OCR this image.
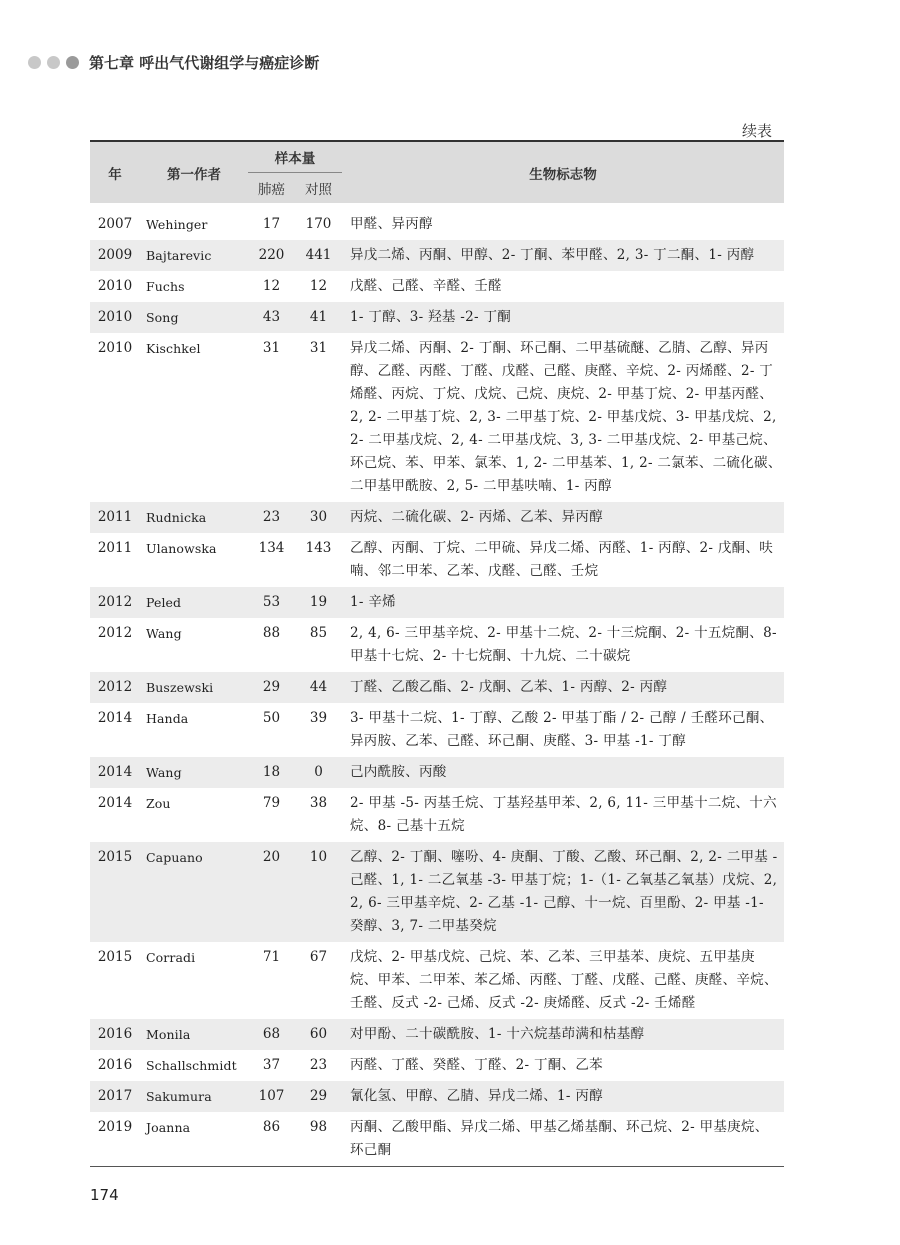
第七章 呼出气代谢组学与癌症诊断
续表
年	第一作者	样本量		生物标志物
		肺癌	对照	
2007	Wehinger	17	170	甲醛、异丙醇
2009	Bajtarevic	220	441	异戊二烯、丙酮、甲醇、2- 丁酮、苯甲醛、2, 3- 丁二酮、1- 丙醇
2010	Fuchs	12	12	戊醛、己醛、辛醛、壬醛
2010	Song	43	41	1- 丁醇、3- 羟基 -2- 丁酮
2010	Kischkel	31	31	异戊二烯、丙酮、2- 丁酮、环己酮、二甲基硫醚、乙腈、乙醇、异丙醇、乙醛、丙醛、丁醛、戊醛、己醛、庚醛、辛烷、2- 丙烯醛、2- 丁烯醛、丙烷、丁烷、戊烷、己烷、庚烷、2- 甲基丁烷、2- 甲基丙醛、2, 2- 二甲基丁烷、2, 3- 二甲基丁烷、2- 甲基戊烷、3- 甲基戊烷、2, 2- 二甲基戊烷、2, 4- 二甲基戊烷、3, 3- 二甲基戊烷、2- 甲基己烷、环己烷、苯、甲苯、氯苯、1, 2- 二甲基苯、1, 2- 二氯苯、二硫化碳、二甲基甲酰胺、2, 5- 二甲基呋喃、1- 丙醇
2011	Rudnicka	23	30	丙烷、二硫化碳、2- 丙烯、乙苯、异丙醇
2011	Ulanowska	134	143	乙醇、丙酮、丁烷、二甲硫、异戊二烯、丙醛、1- 丙醇、2- 戊酮、呋喃、邻二甲苯、乙苯、戊醛、己醛、壬烷
2012	Peled	53	19	1- 辛烯
2012	Wang	88	85	2, 4, 6- 三甲基辛烷、2- 甲基十二烷、2- 十三烷酮、2- 十五烷酮、8- 甲基十七烷、2- 十七烷酮、十九烷、二十碳烷
2012	Buszewski	29	44	丁醛、乙酸乙酯、2- 戊酮、乙苯、1- 丙醇、2- 丙醇
2014	Handa	50	39	3- 甲基十二烷、1- 丁醇、乙酸 2- 甲基丁酯 / 2- 己醇 / 壬醛环己酮、异丙胺、乙苯、己醛、环己酮、庚醛、3- 甲基 -1- 丁醇
2014	Wang	18	0	己内酰胺、丙酸
2014	Zou	79	38	2- 甲基 -5- 丙基壬烷、丁基羟基甲苯、2, 6, 11- 三甲基十二烷、十六烷、8- 己基十五烷
2015	Capuano	20	10	乙醇、2- 丁酮、噻吩、4- 庚酮、丁酸、乙酸、环己酮、2, 2- 二甲基 - 己醛、1, 1- 二乙氧基 -3- 甲基丁烷；1-（1- 乙氧基乙氧基）戊烷、2, 2, 6- 三甲基辛烷、2- 乙基 -1- 己醇、十一烷、百里酚、2- 甲基 -1- 癸醇、3, 7- 二甲基癸烷
2015	Corradi	71	67	戊烷、2- 甲基戊烷、己烷、苯、乙苯、三甲基苯、庚烷、五甲基庚烷、甲苯、二甲苯、苯乙烯、丙醛、丁醛、戊醛、己醛、庚醛、辛烷、壬醛、反式 -2- 己烯、反式 -2- 庚烯醛、反式 -2- 壬烯醛
2016	Monila	68	60	对甲酚、二十碳酰胺、1- 十六烷基茚满和枯基醇
2016	Schallschmidt	37	23	丙醛、丁醛、癸醛、丁醛、2- 丁酮、乙苯
2017	Sakumura	107	29	氰化氢、甲醇、乙腈、异戊二烯、1- 丙醇
2019	Joanna	86	98	丙酮、乙酸甲酯、异戊二烯、甲基乙烯基酮、环己烷、2- 甲基庚烷、环己酮
174
